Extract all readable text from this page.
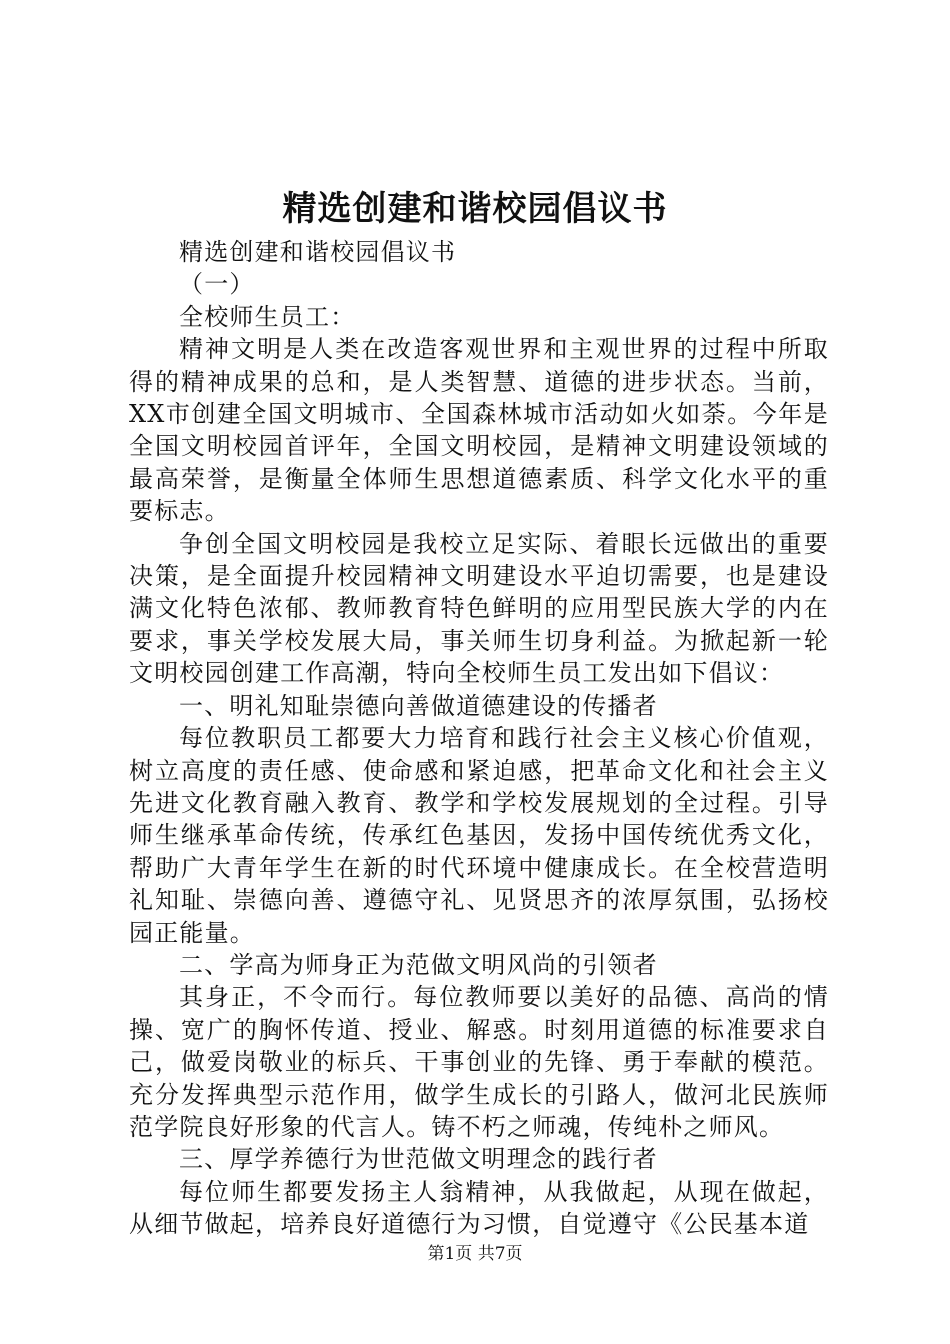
精选创建和谐校园倡议书

精选创建和谐校园倡议书

（一）

全校师生员工：

精神文明是人类在改造客观世界和主观世界的过程中所取得的精神成果的总和，是人类智慧、道德的进步状态。当前，XX市创建全国文明城市、全国森林城市活动如火如荼。今年是全国文明校园首评年，全国文明校园，是精神文明建设领域的最高荣誉，是衡量全体师生思想道德素质、科学文化水平的重要标志。

争创全国文明校园是我校立足实际、着眼长远做出的重要决策，是全面提升校园精神文明建设水平迫切需要，也是建设满文化特色浓郁、教师教育特色鲜明的应用型民族大学的内在要求，事关学校发展大局，事关师生切身利益。为掀起新一轮文明校园创建工作高潮，特向全校师生员工发出如下倡议：

一、明礼知耻崇德向善做道德建设的传播者

每位教职员工都要大力培育和践行社会主义核心价值观，树立高度的责任感、使命感和紧迫感，把革命文化和社会主义先进文化教育融入教育、教学和学校发展规划的全过程。引导师生继承革命传统，传承红色基因，发扬中国传统优秀文化，帮助广大青年学生在新的时代环境中健康成长。在全校营造明礼知耻、崇德向善、遵德守礼、见贤思齐的浓厚氛围，弘扬校园正能量。

二、学高为师身正为范做文明风尚的引领者

其身正，不令而行。每位教师要以美好的品德、高尚的情操、宽广的胸怀传道、授业、解惑。时刻用道德的标准要求自己，做爱岗敬业的标兵、干事创业的先锋、勇于奉献的模范。充分发挥典型示范作用，做学生成长的引路人，做河北民族师范学院良好形象的代言人。铸不朽之师魂，传纯朴之师风。

三、厚学养德行为世范做文明理念的践行者

每位师生都要发扬主人翁精神，从我做起，从现在做起，从细节做起，培养良好道德行为习惯，自觉遵守《公民基本道

第1页 共7页
